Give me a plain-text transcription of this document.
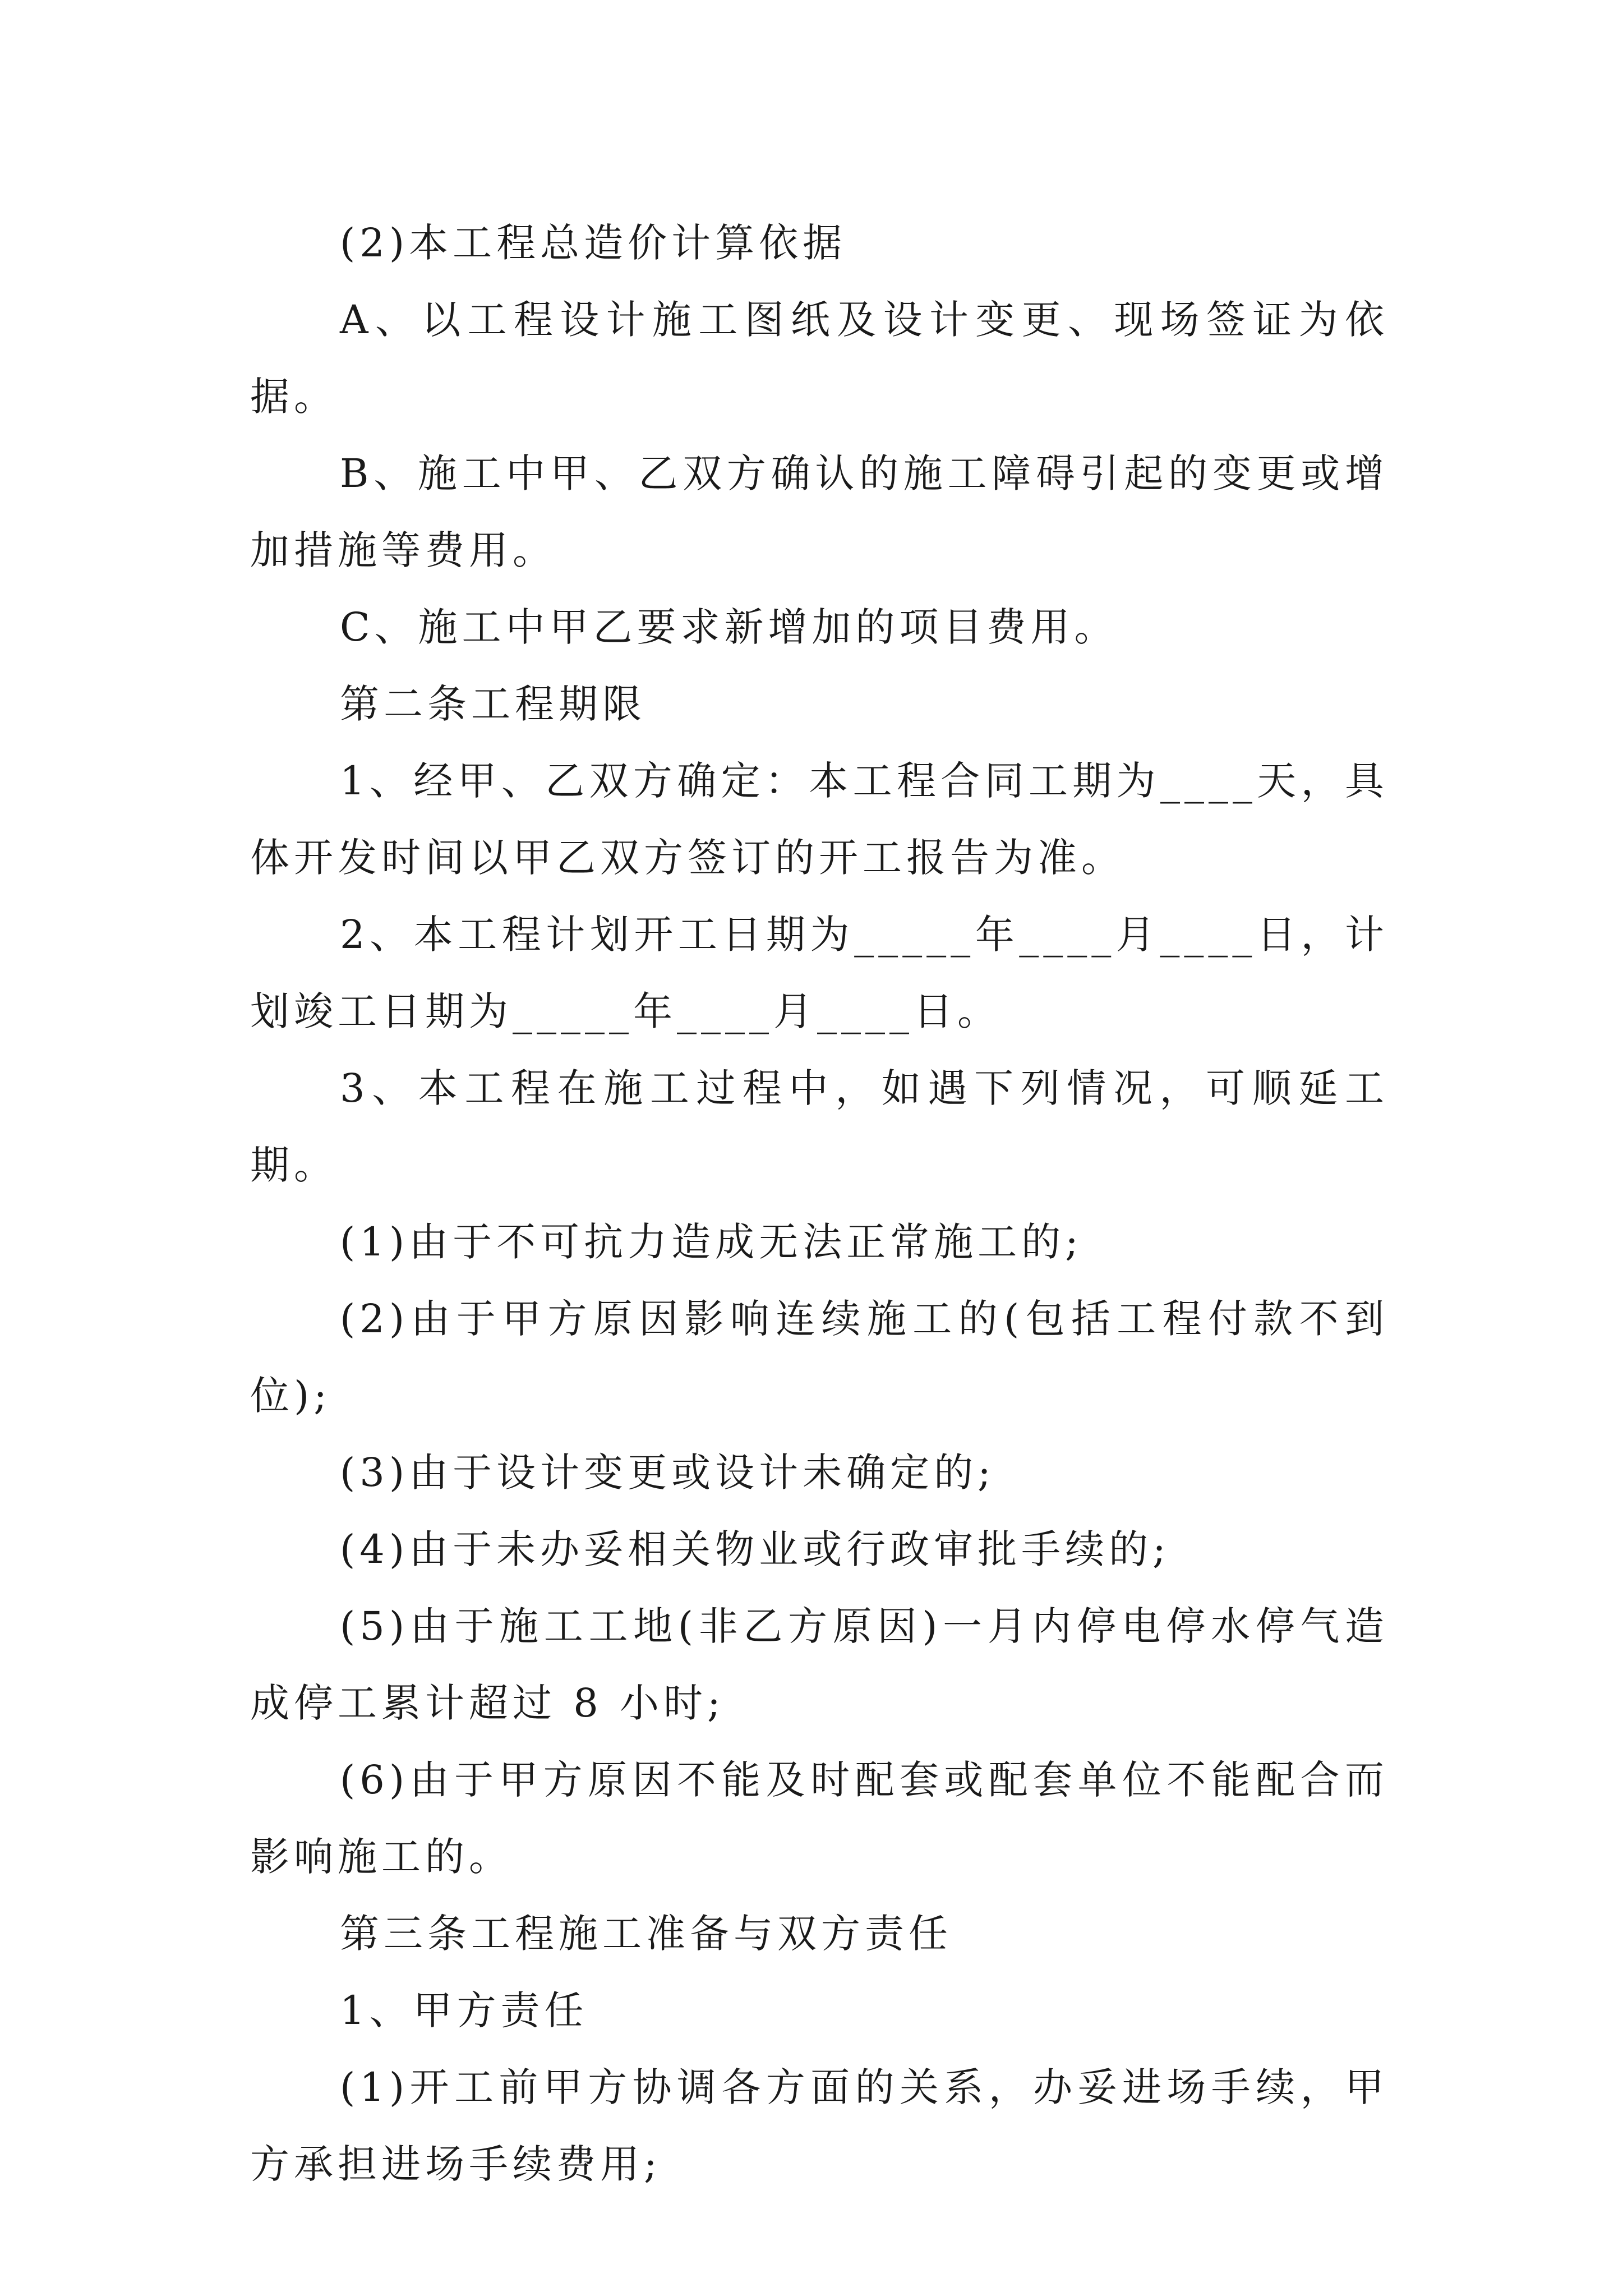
(2)本工程总造价计算依据

A、以工程设计施工图纸及设计变更、现场签证为依据。

B、施工中甲、乙双方确认的施工障碍引起的变更或增加措施等费用。

C、施工中甲乙要求新增加的项目费用。

第二条工程期限

1、经甲、乙双方确定：本工程合同工期为____天，具体开发时间以甲乙双方签订的开工报告为准。

2、本工程计划开工日期为_____年____月____日，计划竣工日期为_____年____月____日。

3、本工程在施工过程中，如遇下列情况，可顺延工期。

(1)由于不可抗力造成无法正常施工的;

(2)由于甲方原因影响连续施工的(包括工程付款不到位);

(3)由于设计变更或设计未确定的;

(4)由于未办妥相关物业或行政审批手续的;

(5)由于施工工地(非乙方原因)一月内停电停水停气造成停工累计超过 8 小时;

(6)由于甲方原因不能及时配套或配套单位不能配合而影响施工的。

第三条工程施工准备与双方责任

1、甲方责任

(1)开工前甲方协调各方面的关系，办妥进场手续，甲方承担进场手续费用;
